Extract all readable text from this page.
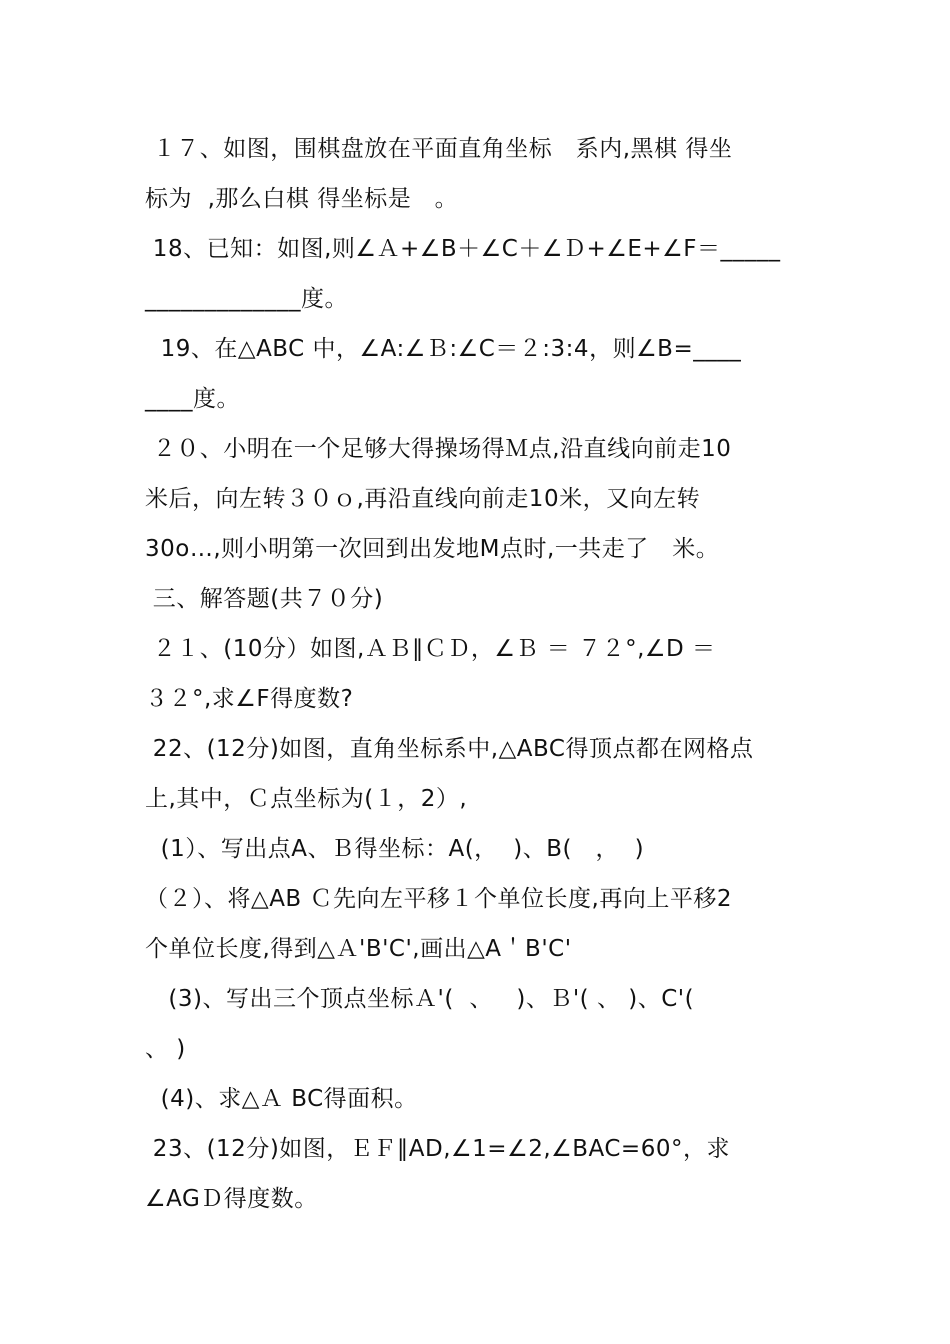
１７、如图，围棋盘放在平面直角坐标   系内,黑棋 得坐
标为  ,那么白棋 得坐标是   。
18、已知：如图,则∠Ａ+∠B＋∠C＋∠Ｄ+∠E+∠F＝_____
_____________度。
19、在△ABC 中，∠A:∠Ｂ:∠C＝２:3:4，则∠B=____
____度。
２０、小明在一个足够大得操场得Ｍ点,沿直线向前走10
米后，向左转３０ｏ,再沿直线向前走10米，又向左转
30o…,则小明第一次回到出发地M点时,一共走了   米。
三、解答题(共７０分)
２１、(10分）如图,ＡＢ∥ＣＤ，∠Ｂ ＝ ７２°,∠D ＝
３２°,求∠F得度数?
22、(12分)如图，直角坐标系中,△ABC得顶点都在网格点
上,其中，Ｃ点坐标为(１，2）,
(1）、写出点A、Ｂ得坐标：A(，  )、B(   ，  )
（２）、将△AB Ｃ先向左平移１个单位长度,再向上平移2
个单位长度,得到△Ａ'B'C',画出△A＇B'C'
(3)、写出三个顶点坐标Ａ'(  、   )、Ｂ'( 、 )、C'(
、 )
(4)、求△Ａ BC得面积。
23、(12分)如图，ＥＦ∥AD,∠1=∠2,∠BAC=60°，求
∠AGＤ得度数。
